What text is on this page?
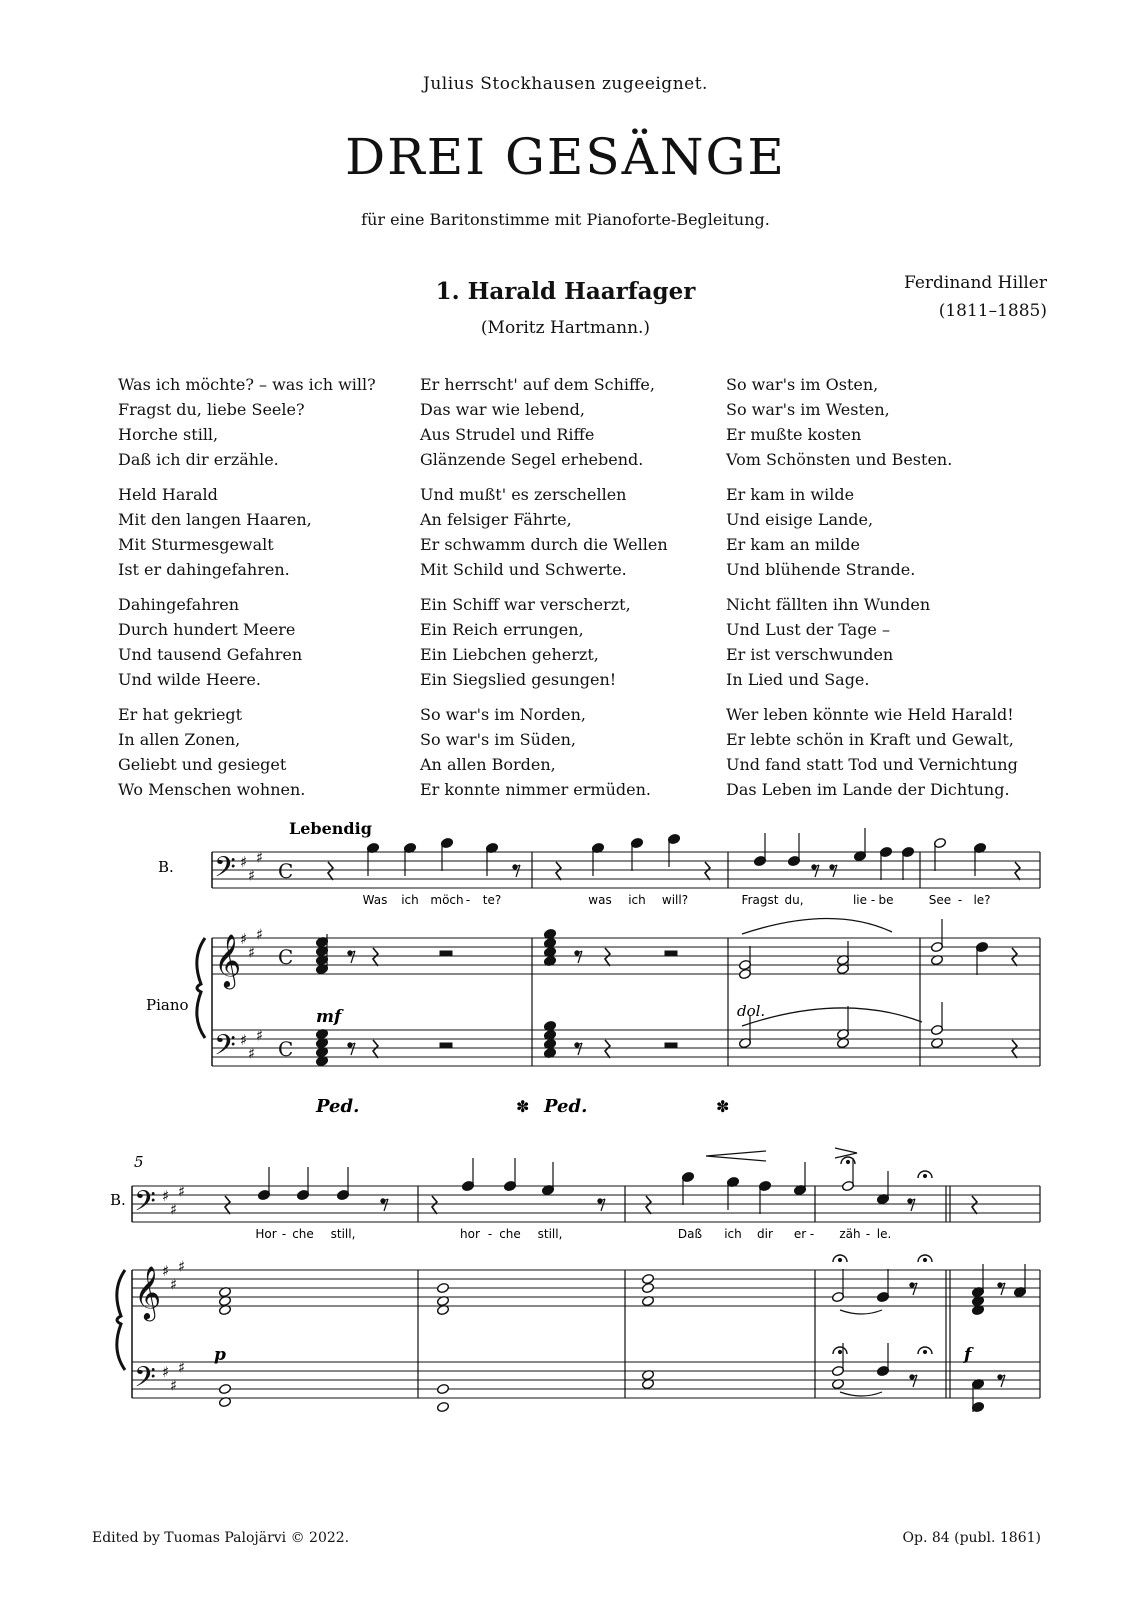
Julius Stockhausen zugeeignet.
DREI GESÄNGE
für eine Baritonstimme mit Pianoforte-Begleitung.
1. Harald Haarfager
(Moritz Hartmann.)
Ferdinand Hiller
(1811–1885)
Was ich möchte? – was ich will?
Fragst du, liebe Seele?
Horche still,
Daß ich dir erzähle.
Held Harald
Mit den langen Haaren,
Mit Sturmesgewalt
Ist er dahingefahren.
Dahingefahren
Durch hundert Meere
Und tausend Gefahren
Und wilde Heere.
Er hat gekriegt
In allen Zonen,
Geliebt und gesieget
Wo Menschen wohnen.
Er herrscht' auf dem Schiffe,
Das war wie lebend,
Aus Strudel und Riffe
Glänzende Segel erhebend.
Und mußt' es zerschellen
An felsiger Fährte,
Er schwamm durch die Wellen
Mit Schild und Schwerte.
Ein Schiff war verscherzt,
Ein Reich errungen,
Ein Liebchen geherzt,
Ein Siegslied gesungen!
So war's im Norden,
So war's im Süden,
An allen Borden,
Er konnte nimmer ermüden.
So war's im Osten,
So war's im Westen,
Er mußte kosten
Vom Schönsten und Besten.
Er kam in wilde
Und eisige Lande,
Er kam an milde
Und blühende Strande.
Nicht fällten ihn Wunden
Und Lust der Tage –
Er ist verschwunden
In Lied und Sage.
Wer leben könnte wie Held Harald!
Er lebte schön in Kraft und Gewalt,
Und fand statt Tod und Vernichtung
Das Leben im Lande der Dichtung.
𝄢
𝄞
𝄢
♯
♯
♯
♯
♯
♯
♯
♯
♯
C
C
C
𝄢
𝄞
𝄢
♯
♯
♯
♯
♯
♯
♯
♯
♯
Lebendig
B.
B.
Piano
5
mf
p	f
dol.
Ped.	Ped.
✽	✽
Was ich möch - te?	was ich will?	Fragst du,	lie - be	See - le?
Hor - che still,	hor - che still,	Daß ich dir er - zäh - le.
Edited by Tuomas Palojärvi © 2022.	Op. 84 (publ. 1861)
